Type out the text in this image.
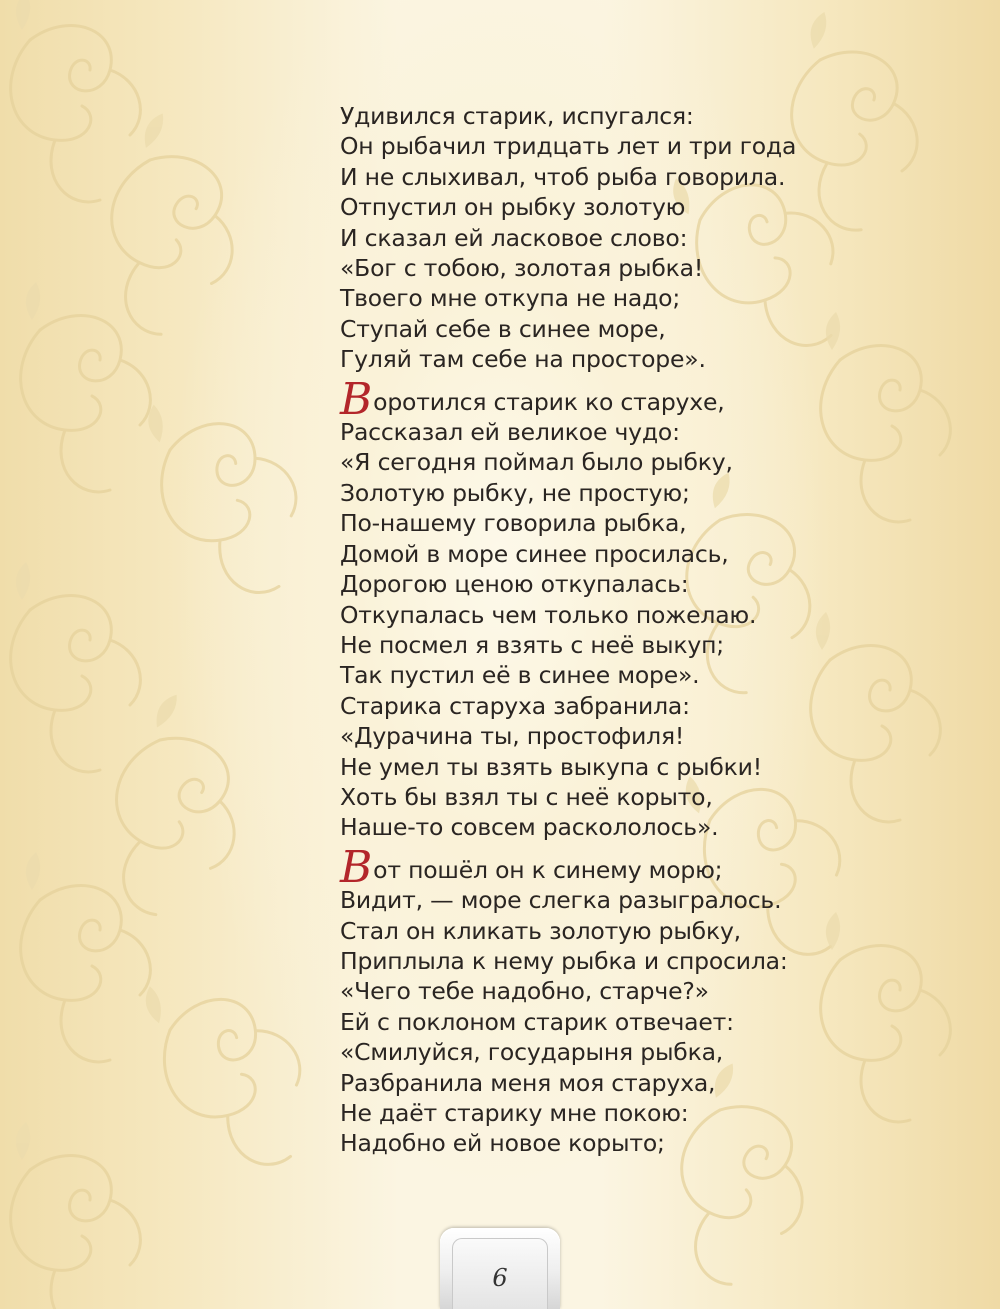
Удивился старик, испугался:
Он рыбачил тридцать лет и три года
И не слыхивал, чтоб рыба говорила.
Отпустил он рыбку золотую
И сказал ей ласковое слово:
«Бог с тобою, золотая рыбка!
Твоего мне откупа не надо;
Ступай себе в синее море,
Гуляй там себе на просторе».

Воротился старик ко старухе,
Рассказал ей великое чудо:
«Я сегодня поймал было рыбку,
Золотую рыбку, не простую;
По-нашему говорила рыбка,
Домой в море синее просилась,
Дорогою ценою откупалась:
Откупалась чем только пожелаю.
Не посмел я взять с неё выкуп;
Так пустил её в синее море».
Старика старуха забранила:
«Дурачина ты, простофиля!
Не умел ты взять выкупа с рыбки!
Хоть бы взял ты с неё корыто,
Наше-то совсем раскололось».

Вот пошёл он к синему морю;
Видит, — море слегка разыгралось.
Стал он кликать золотую рыбку,
Приплыла к нему рыбка и спросила:
«Чего тебе надобно, старче?»
Ей с поклоном старик отвечает:
«Смилуйся, государыня рыбка,
Разбранила меня моя старуха,
Не даёт старику мне покою:
Надобно ей новое корыто;

6
